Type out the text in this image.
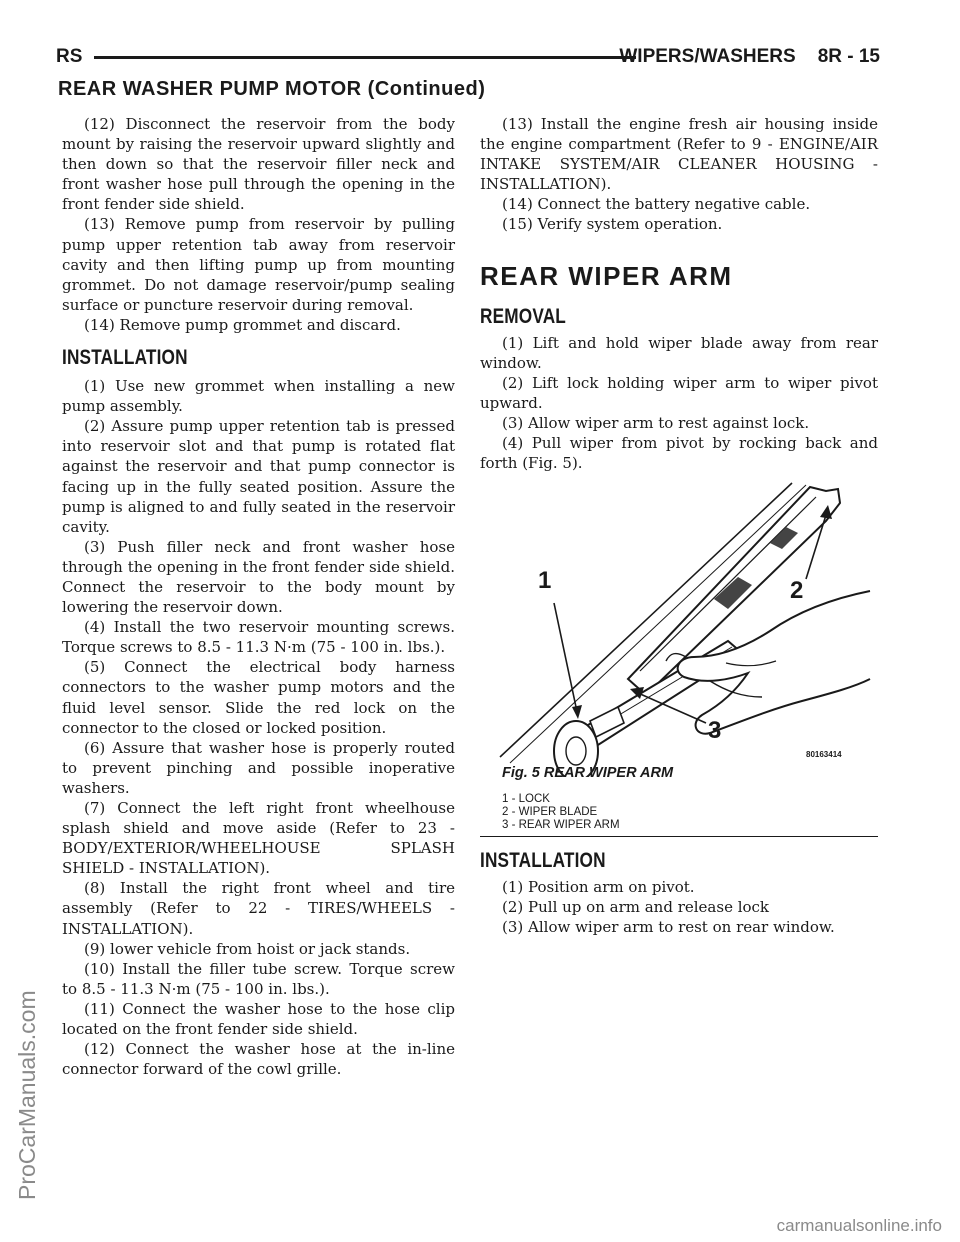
RS	WIPERS/WASHERS 8R - 15
REAR WASHER PUMP MOTOR (Continued)

(12) Disconnect the reservoir from the body mount by raising the reservoir upward slightly and then down so that the reservoir filler neck and front washer hose pull through the opening in the front fender side shield.

(13) Remove pump from reservoir by pulling pump upper retention tab away from reservoir cavity and then lifting pump up from mounting grommet. Do not damage reservoir/pump sealing surface or puncture reservoir during removal.

(14) Remove pump grommet and discard.

INSTALLATION

(1) Use new grommet when installing a new pump assembly.

(2) Assure pump upper retention tab is pressed into reservoir slot and that pump is rotated flat against the reservoir and that pump connector is facing up in the fully seated position. Assure the pump is aligned to and fully seated in the reservoir cavity.

(3) Push filler neck and front washer hose through the opening in the front fender side shield. Connect the reservoir to the body mount by lowering the reservoir down.

(4) Install the two reservoir mounting screws. Torque screws to 8.5 - 11.3 N·m (75 - 100 in. lbs.).

(5) Connect the electrical body harness connectors to the washer pump motors and the fluid level sensor. Slide the red lock on the connector to the closed or locked position.

(6) Assure that washer hose is properly routed to prevent pinching and possible inoperative washers.

(7) Connect the left right front wheelhouse splash shield and move aside (Refer to 23 - BODY/EXTERIOR/WHEELHOUSE SPLASH SHIELD - INSTALLATION).

(8) Install the right front wheel and tire assembly (Refer to 22 - TIRES/WHEELS - INSTALLATION).

(9) lower vehicle from hoist or jack stands.

(10) Install the filler tube screw. Torque screw to 8.5 - 11.3 N·m (75 - 100 in. lbs.).

(11) Connect the washer hose to the hose clip located on the front fender side shield.

(12) Connect the washer hose at the in-line connector forward of the cowl grille.

(13) Install the engine fresh air housing inside the engine compartment (Refer to 9 - ENGINE/AIR INTAKE SYSTEM/AIR CLEANER HOUSING - INSTALLATION).

(14) Connect the battery negative cable.

(15) Verify system operation.

REAR WIPER ARM
REMOVAL

(1) Lift and hold wiper blade away from rear window.

(2) Lift lock holding wiper arm to wiper pivot upward.

(3) Allow wiper arm to rest against lock.

(4) Pull wiper from pivot by rocking back and forth (Fig. 5).

1	2
3
80163414

Fig. 5 REAR WIPER ARM

1 - LOCK

2 - WIPER BLADE

3 - REAR WIPER ARM

INSTALLATION

(1) Position arm on pivot.

(2) Pull up on arm and release lock

(3) Allow wiper arm to rest on rear window.

ProCarManuals.com
carmanualsonline.info
